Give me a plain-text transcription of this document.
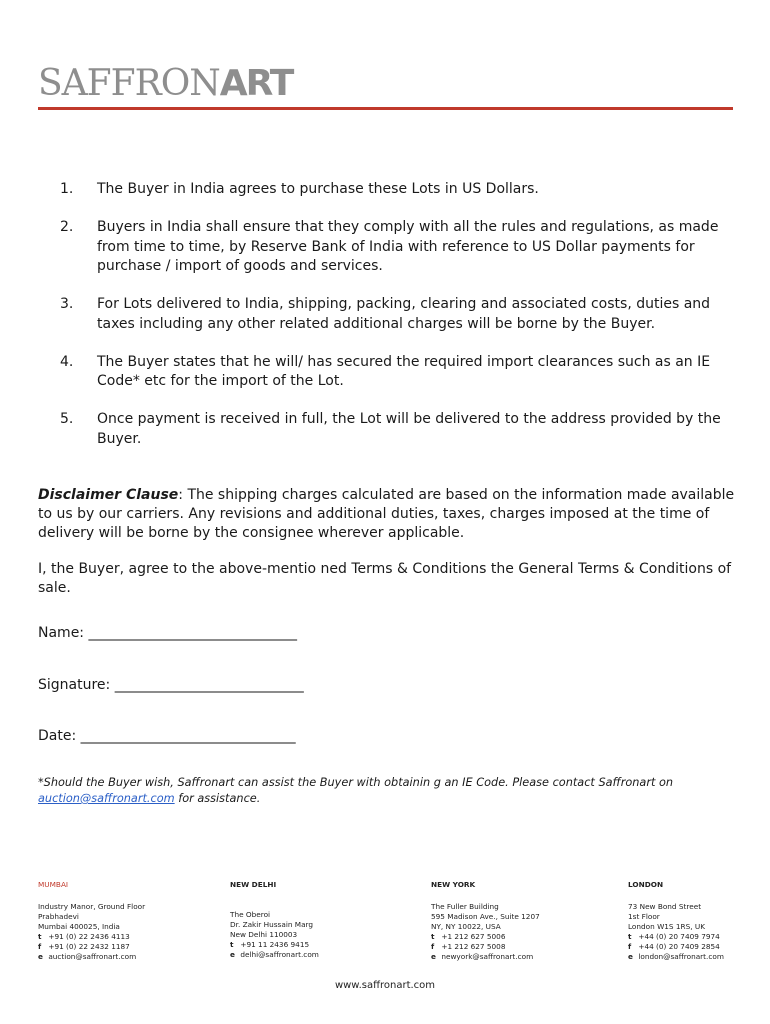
SAFFRONART
1.	The Buyer in India agrees to purchase these Lots in US Dollars.
2.	Buyers in India shall ensure that they comply with all the rules and regulations, as made from time to time, by Reserve Bank of India with reference to US Dollar payments for purchase / import of goods and services.
3.	For Lots delivered to India, shipping, packing, clearing and associated costs, duties and taxes including any other related additional charges will be borne by the Buyer.
4.	The Buyer states that he will/ has secured the required import clearances such as an IE Code* etc for the import of the Lot.
5.	Once payment is received in full, the Lot will be delivered to the address provided by the Buyer.

Disclaimer Clause: The shipping charges calculated are based on the information made available to us by our carriers. Any revisions and additional duties, taxes, charges imposed at the time of delivery will be borne by the consignee wherever applicable.

I, the Buyer, agree to the above-mentio ned Terms & Conditions the General Terms & Conditions of sale.

Name: ________________________________
Signature: _____________________________
Date: _________________________________

*Should the Buyer wish, Saffronart can assist the Buyer with obtainin g an IE Code. Please contact Saffronart on auction@saffronart.com for assistance.

MUMBAI
Industry Manor, Ground Floor
Prabhadevi
Mumbai 400025, India
t +91 (0) 22 2436 4113
f +91 (0) 22 2432 1187
e auction@saffronart.com
NEW DELHI
The Oberoi
Dr. Zakir Hussain Marg
New Delhi 110003
t +91 11 2436 9415
e delhi@saffronart.com
NEW YORK
The Fuller Building
595 Madison Ave., Suite 1207
NY, NY 10022, USA
t +1 212 627 5006
f +1 212 627 5008
e newyork@saffronart.com
LONDON
73 New Bond Street
1st Floor
London W1S 1RS, UK
t +44 (0) 20 7409 7974
f +44 (0) 20 7409 2854
e london@saffronart.com
www.saffronart.com
